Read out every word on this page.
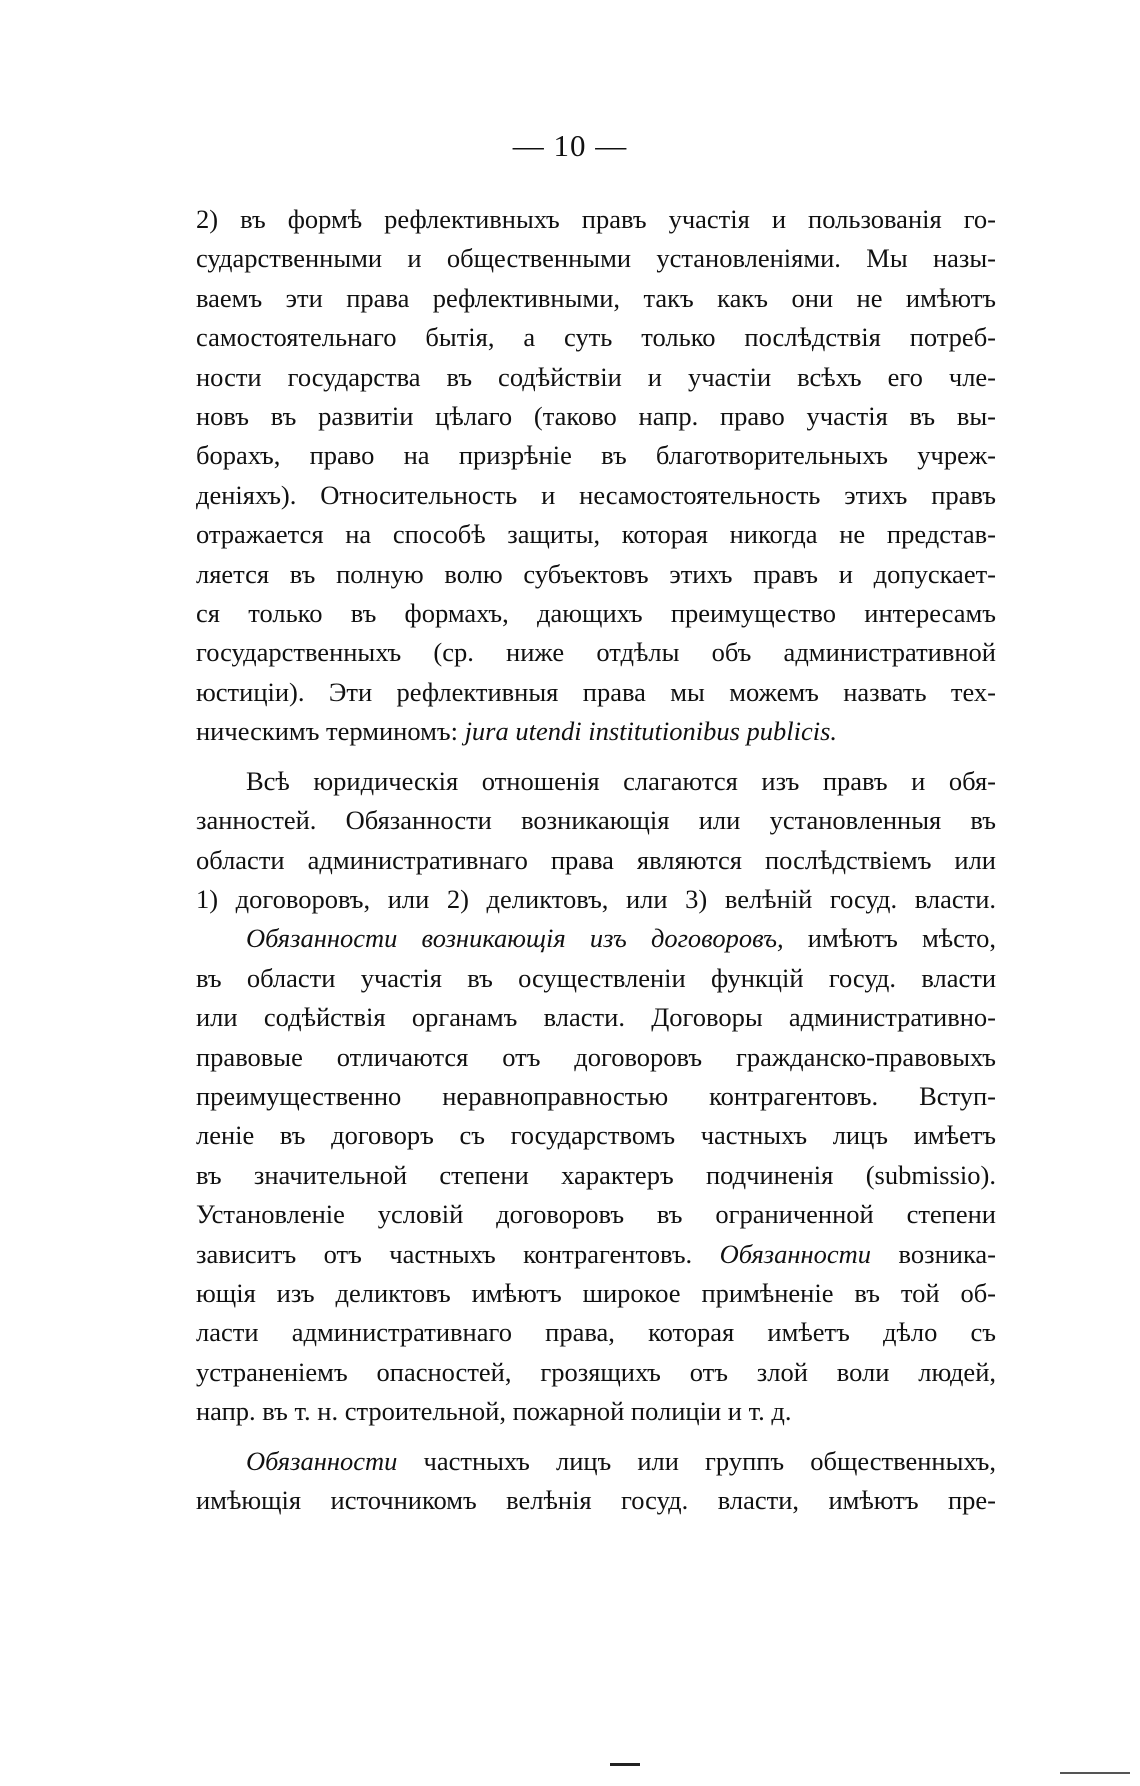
— 10 —
2) въ формѣ рефлективныхъ правъ участія и пользованія го-
сударственными и общественными установленіями. Мы назы-
ваемъ эти права рефлективными, такъ какъ они не имѣютъ
самостоятельнаго бытія, а суть только послѣдствія потреб-
ности государства въ содѣйствіи и участіи всѣхъ его чле-
новъ въ развитіи цѣлаго (таково напр. право участія въ вы-
борахъ, право на призрѣніе въ благотворительныхъ учреж-
деніяхъ). Относительность и несамостоятельность этихъ правъ
отражается на способѣ защиты, которая никогда не представ-
ляется въ полную волю субъектовъ этихъ правъ и допускает-
ся только въ формахъ, дающихъ преимущество интересамъ
государственныхъ (ср. ниже отдѣлы объ административной
юстиціи). Эти рефлективныя права мы можемъ назвать тех-
ническимъ терминомъ: jura utendi institutionibus publicis.
Всѣ юридическія отношенія слагаются изъ правъ и обя-
занностей. Обязанности возникающія или установленныя въ
области административнаго права являются послѣдствіемъ или
1) договоровъ, или 2) деликтовъ, или 3) велѣній госуд. власти.
Обязанности возникающія изъ договоровъ, имѣютъ мѣсто,
въ области участія въ осуществленіи функцій госуд. власти
или содѣйствія органамъ власти. Договоры административно-
правовые отличаются отъ договоровъ гражданско-правовыхъ
преимущественно неравноправностью контрагентовъ. Вступ-
леніе въ договоръ съ государствомъ частныхъ лицъ имѣетъ
въ значительной степени характеръ подчиненія (submissio).
Установленіе условій договоровъ въ ограниченной степени
зависитъ отъ частныхъ контрагентовъ. Обязанности возника-
ющія изъ деликтовъ имѣютъ широкое примѣненіе въ той об-
ласти административнаго права, которая имѣетъ дѣло съ
устраненіемъ опасностей, грозящихъ отъ злой воли людей,
напр. въ т. н. строительной, пожарной полиціи и т. д.
Обязанности частныхъ лицъ или группъ общественныхъ,
имѣющія источникомъ велѣнія госуд. власти, имѣютъ пре-
